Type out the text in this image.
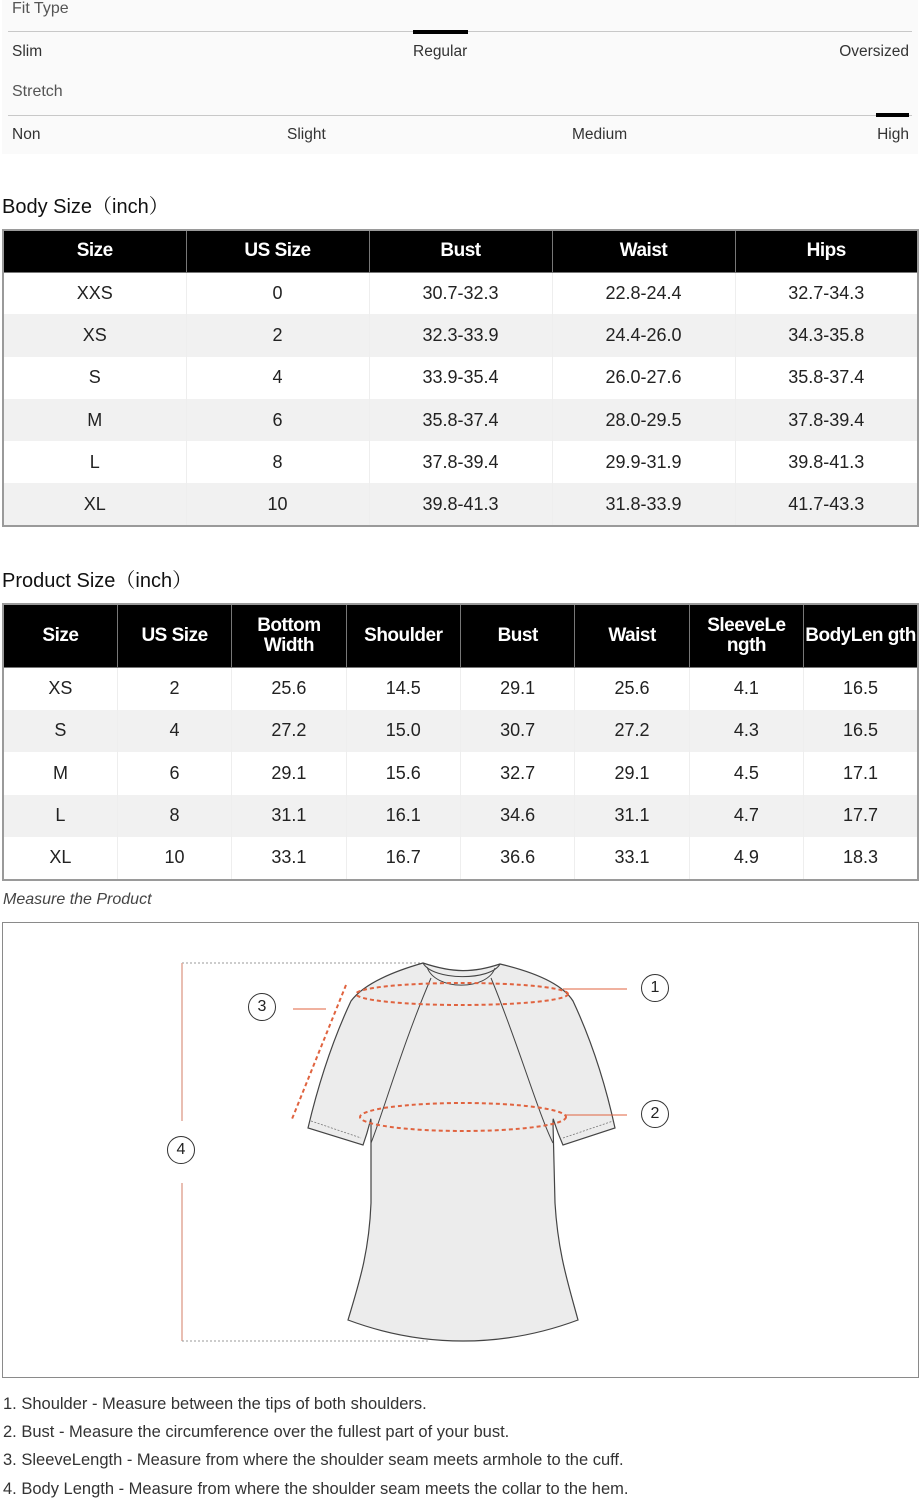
Fit Type
Slim	Regular	Oversized
Stretch
Non	Slight	Medium	High
Body Size（inch）
Size	US Size	Bust	Waist	Hips
XXS	0	30.7-32.3	22.8-24.4	32.7-34.3
XS	2	32.3-33.9	24.4-26.0	34.3-35.8
S	4	33.9-35.4	26.0-27.6	35.8-37.4
M	6	35.8-37.4	28.0-29.5	37.8-39.4
L	8	37.8-39.4	29.9-31.9	39.8-41.3
XL	10	39.8-41.3	31.8-33.9	41.7-43.3
Product Size（inch）
Size	US Size	Bottom Width	Shoulder	Bust	Waist	SleeveLe ngth	BodyLen gth
XS	2	25.6	14.5	29.1	25.6	4.1	16.5
S	4	27.2	15.0	30.7	27.2	4.3	16.5
M	6	29.1	15.6	32.7	29.1	4.5	17.1
L	8	31.1	16.1	34.6	31.1	4.7	17.7
XL	10	33.1	16.7	36.6	33.1	4.9	18.3
Measure the Product
1
2
3
4
1. Shoulder - Measure between the tips of both shoulders.
2. Bust - Measure the circumference over the fullest part of your bust.
3. SleeveLength - Measure from where the shoulder seam meets armhole to the cuff.
4. Body Length - Measure from where the shoulder seam meets the collar to the hem.
